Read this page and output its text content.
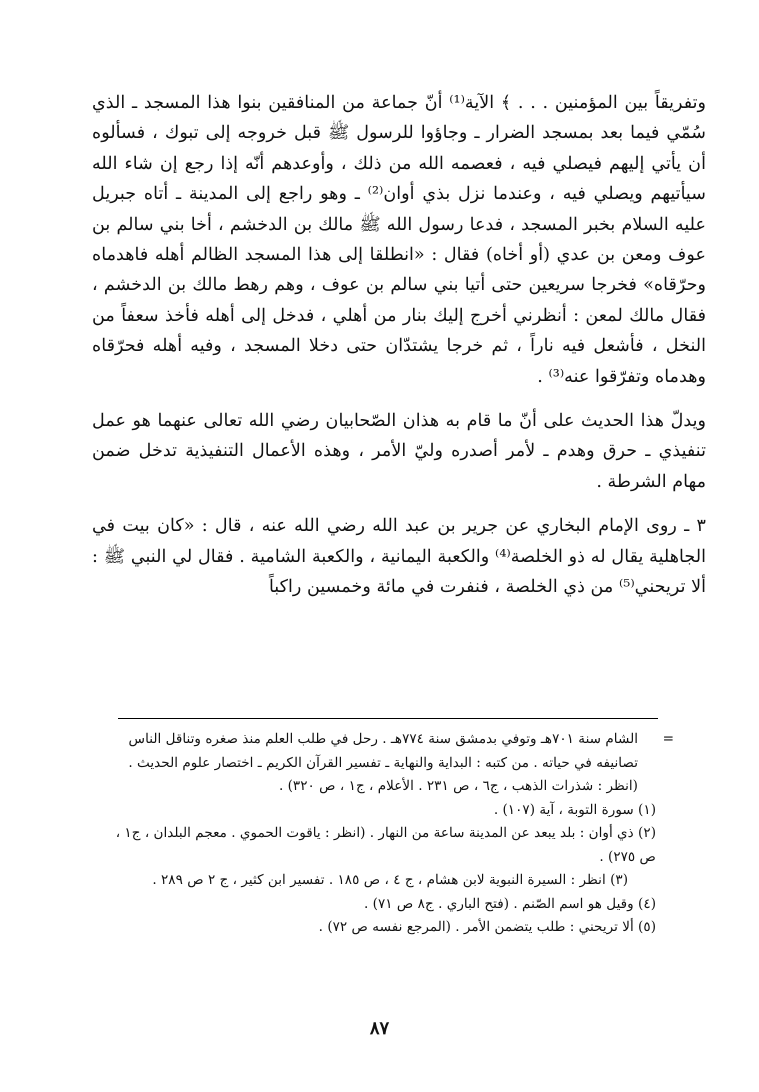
وتفريقاً بين المؤمنين . . . ﴾ الآية⁽¹⁾ أنّ جماعة من المنافقين بنوا هذا المسجد ـ الذي سُمّي فيما بعد بمسجد الضرار ـ وجاؤوا للرسول ﷺ قبل خروجه إلى تبوك ، فسألوه أن يأتي إليهم فيصلي فيه ، فعصمه الله من ذلك ، وأوعدهم أنّه إذا رجع إن شاء الله سيأتيهم ويصلي فيه ، وعندما نزل بذي أوان⁽²⁾ ـ وهو راجع إلى المدينة ـ أتاه جبريل عليه السلام بخبر المسجد ، فدعا رسول الله ﷺ مالك بن الدخشم ، أخا بني سالم بن عوف ومعن بن عدي (أو أخاه) فقال : «انطلقا إلى هذا المسجد الظالم أهله فاهدماه وحرّقاه» فخرجا سريعين حتى أتيا بني سالم بن عوف ، وهم رهط مالك بن الدخشم ، فقال مالك لمعن : أنظرني أخرج إليك بنار من أهلي ، فدخل إلى أهله فأخذ سعفاً من النخل ، فأشعل فيه ناراً ، ثم خرجا يشتدّان حتى دخلا المسجد ، وفيه أهله فحرّقاه وهدماه وتفرّقوا عنه⁽³⁾ .

ويدلّ هذا الحديث على أنّ ما قام به هذان الصّحابيان رضي الله تعالى عنهما هو عمل تنفيذي ـ حرق وهدم ـ لأمر أصدره وليّ الأمر ، وهذه الأعمال التنفيذية تدخل ضمن مهام الشرطة .

٣ ـ روى الإمام البخاري عن جرير بن عبد الله رضي الله عنه ، قال : «كان بيت في الجاهلية يقال له ذو الخلصة⁽⁴⁾ والكعبة اليمانية ، والكعبة الشامية . فقال لي النبي ﷺ : ألا تريحني⁽⁵⁾ من ذي الخلصة ، فنفرت في مائة وخمسين راكباً

=

الشام سنة ٧٠١هـ وتوفي بدمشق سنة ٧٧٤هـ . رحل في طلب العلم منذ صغره وتناقل الناس

تصانيفه في حياته . من كتبه : البداية والنهاية ـ تفسير القرآن الكريم ـ اختصار علوم الحديث .

(انظر : شذرات الذهب ، ج٦ ، ص ٢٣١ . الأعلام ، ج١ ، ص ٣٢٠) .

(١) سورة التوبة ، آية (١٠٧) .

(٢) ذي أوان : بلد يبعد عن المدينة ساعة من النهار . (انظر : ياقوت الحموي . معجم البلدان ، ج١ ، ص ٢٧٥) .

(٣) انظر : السيرة النبوية لابن هشام ، ج ٤ ، ص ١٨٥ . تفسير ابن كثير ، ج ٢ ص ٢٨٩ .

(٤) وقيل هو اسم الصّنم . (فتح الباري . ج٨ ص ٧١) .

(٥) ألا تريحني : طلب يتضمن الأمر . (المرجع نفسه ص ٧٢) .

٨٧
